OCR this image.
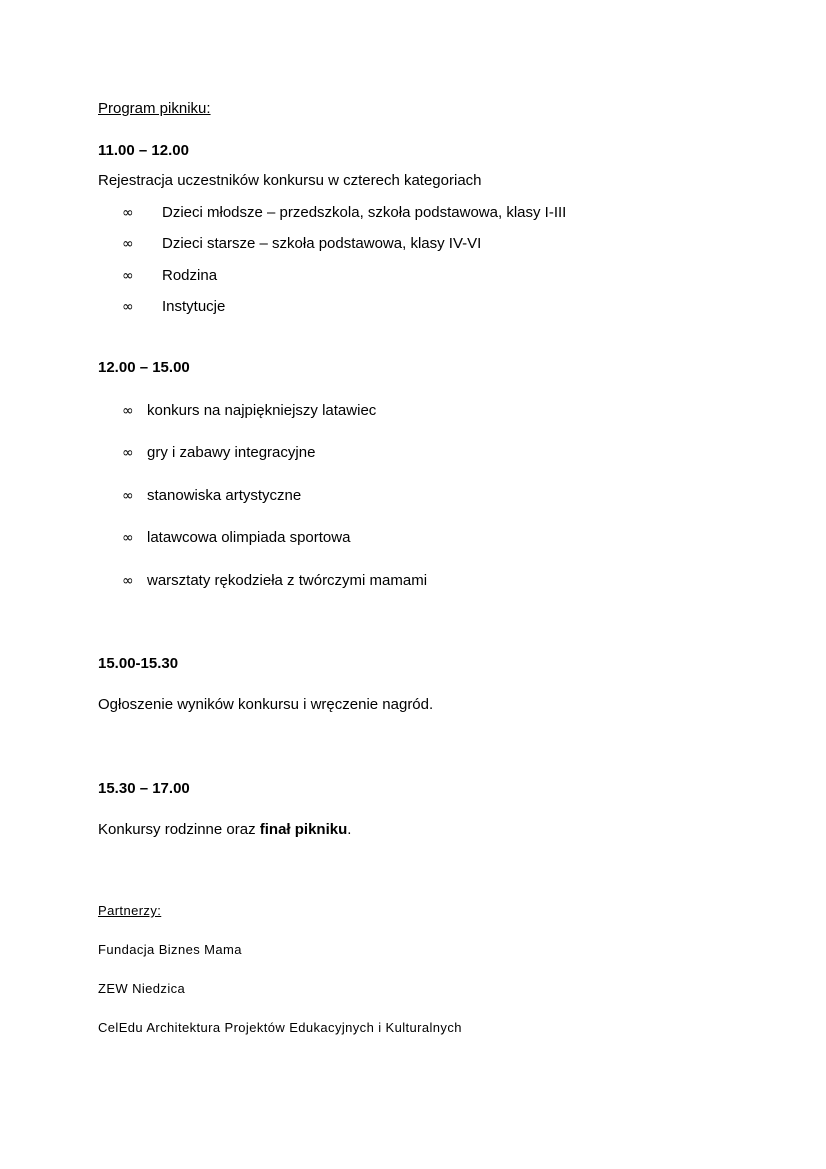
Program pikniku:
11.00 – 12.00
Rejestracja uczestników konkursu w czterech kategoriach
∞ Dzieci młodsze – przedszkola, szkoła podstawowa, klasy I-III
∞ Dzieci starsze – szkoła podstawowa, klasy IV-VI
∞ Rodzina
∞ Instytucje
12.00 – 15.00
∞ konkurs na najpiękniejszy latawiec
∞ gry i zabawy integracyjne
∞ stanowiska artystyczne
∞ latawcowa olimpiada sportowa
∞ warsztaty rękodzieła z twórczymi mamami
15.00-15.30
Ogłoszenie wyników konkursu i wręczenie nagród.
15.30 – 17.00
Konkursy rodzinne oraz finał pikniku.
Partnerzy:
Fundacja Biznes Mama
ZEW Niedzica
CelEdu Architektura Projektów Edukacyjnych i Kulturalnych
